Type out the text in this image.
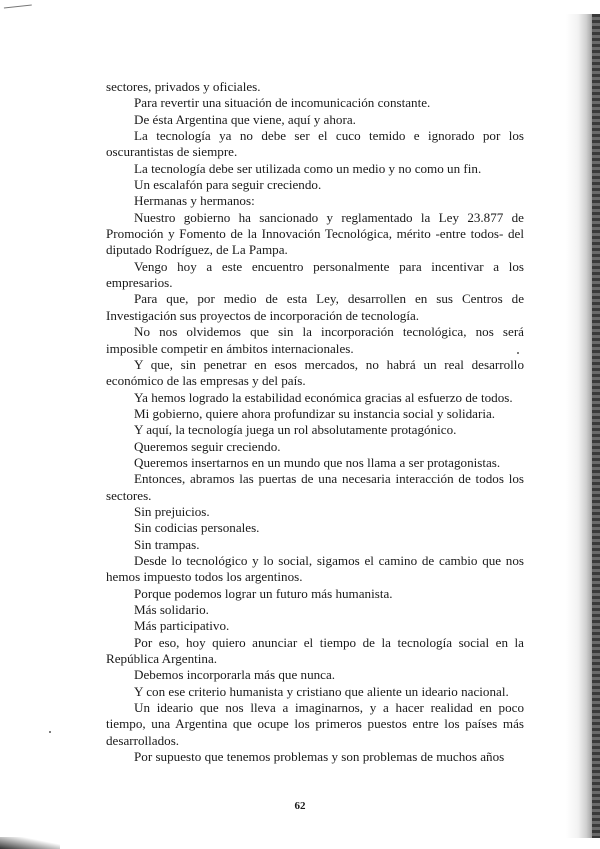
sectores, privados y oficiales.

Para revertir una situación de incomunicación constante.

De ésta Argentina que viene, aquí y ahora.

La tecnología ya no debe ser el cuco temido e ignorado por los oscurantistas de siempre.

La tecnología debe ser utilizada como un medio y no como un fin.

Un escalafón para seguir creciendo.

Hermanas y hermanos:

Nuestro gobierno ha sancionado y reglamentado la Ley 23.877 de Promoción y Fomento de la Innovación Tecnológica, mérito -entre todos- del diputado Rodríguez, de La Pampa.

Vengo hoy a este encuentro personalmente para incentivar a los empresarios.

Para que, por medio de esta Ley, desarrollen en sus Centros de Investigación sus proyectos de incorporación de tecnología.

No nos olvidemos que sin la incorporación tecnológica, nos será imposible competir en ámbitos internacionales.

Y que, sin penetrar en esos mercados, no habrá un real desarrollo económico de las empresas y del país.

Ya hemos logrado la estabilidad económica gracias al esfuerzo de todos.

Mi gobierno, quiere ahora profundizar su instancia social y solidaria.

Y aquí, la tecnología juega un rol absolutamente protagónico.

Queremos seguir creciendo.

Queremos insertarnos en un mundo que nos llama a ser protagonistas.

Entonces, abramos las puertas de una necesaria interacción de todos los sectores.

Sin prejuicios.

Sin codicias personales.

Sin trampas.

Desde lo tecnológico y lo social, sigamos el camino de cambio que nos hemos impuesto todos los argentinos.

Porque podemos lograr un futuro más humanista.

Más solidario.

Más participativo.

Por eso, hoy quiero anunciar el tiempo de la tecnología social en la República Argentina.

Debemos incorporarla más que nunca.

Y con ese criterio humanista y cristiano que aliente un ideario nacional.

Un ideario que nos lleva a imaginarnos, y a hacer realidad en poco tiempo, una Argentina que ocupe los primeros puestos entre los países más desarrollados.

Por supuesto que tenemos problemas y son problemas de muchos años

62
